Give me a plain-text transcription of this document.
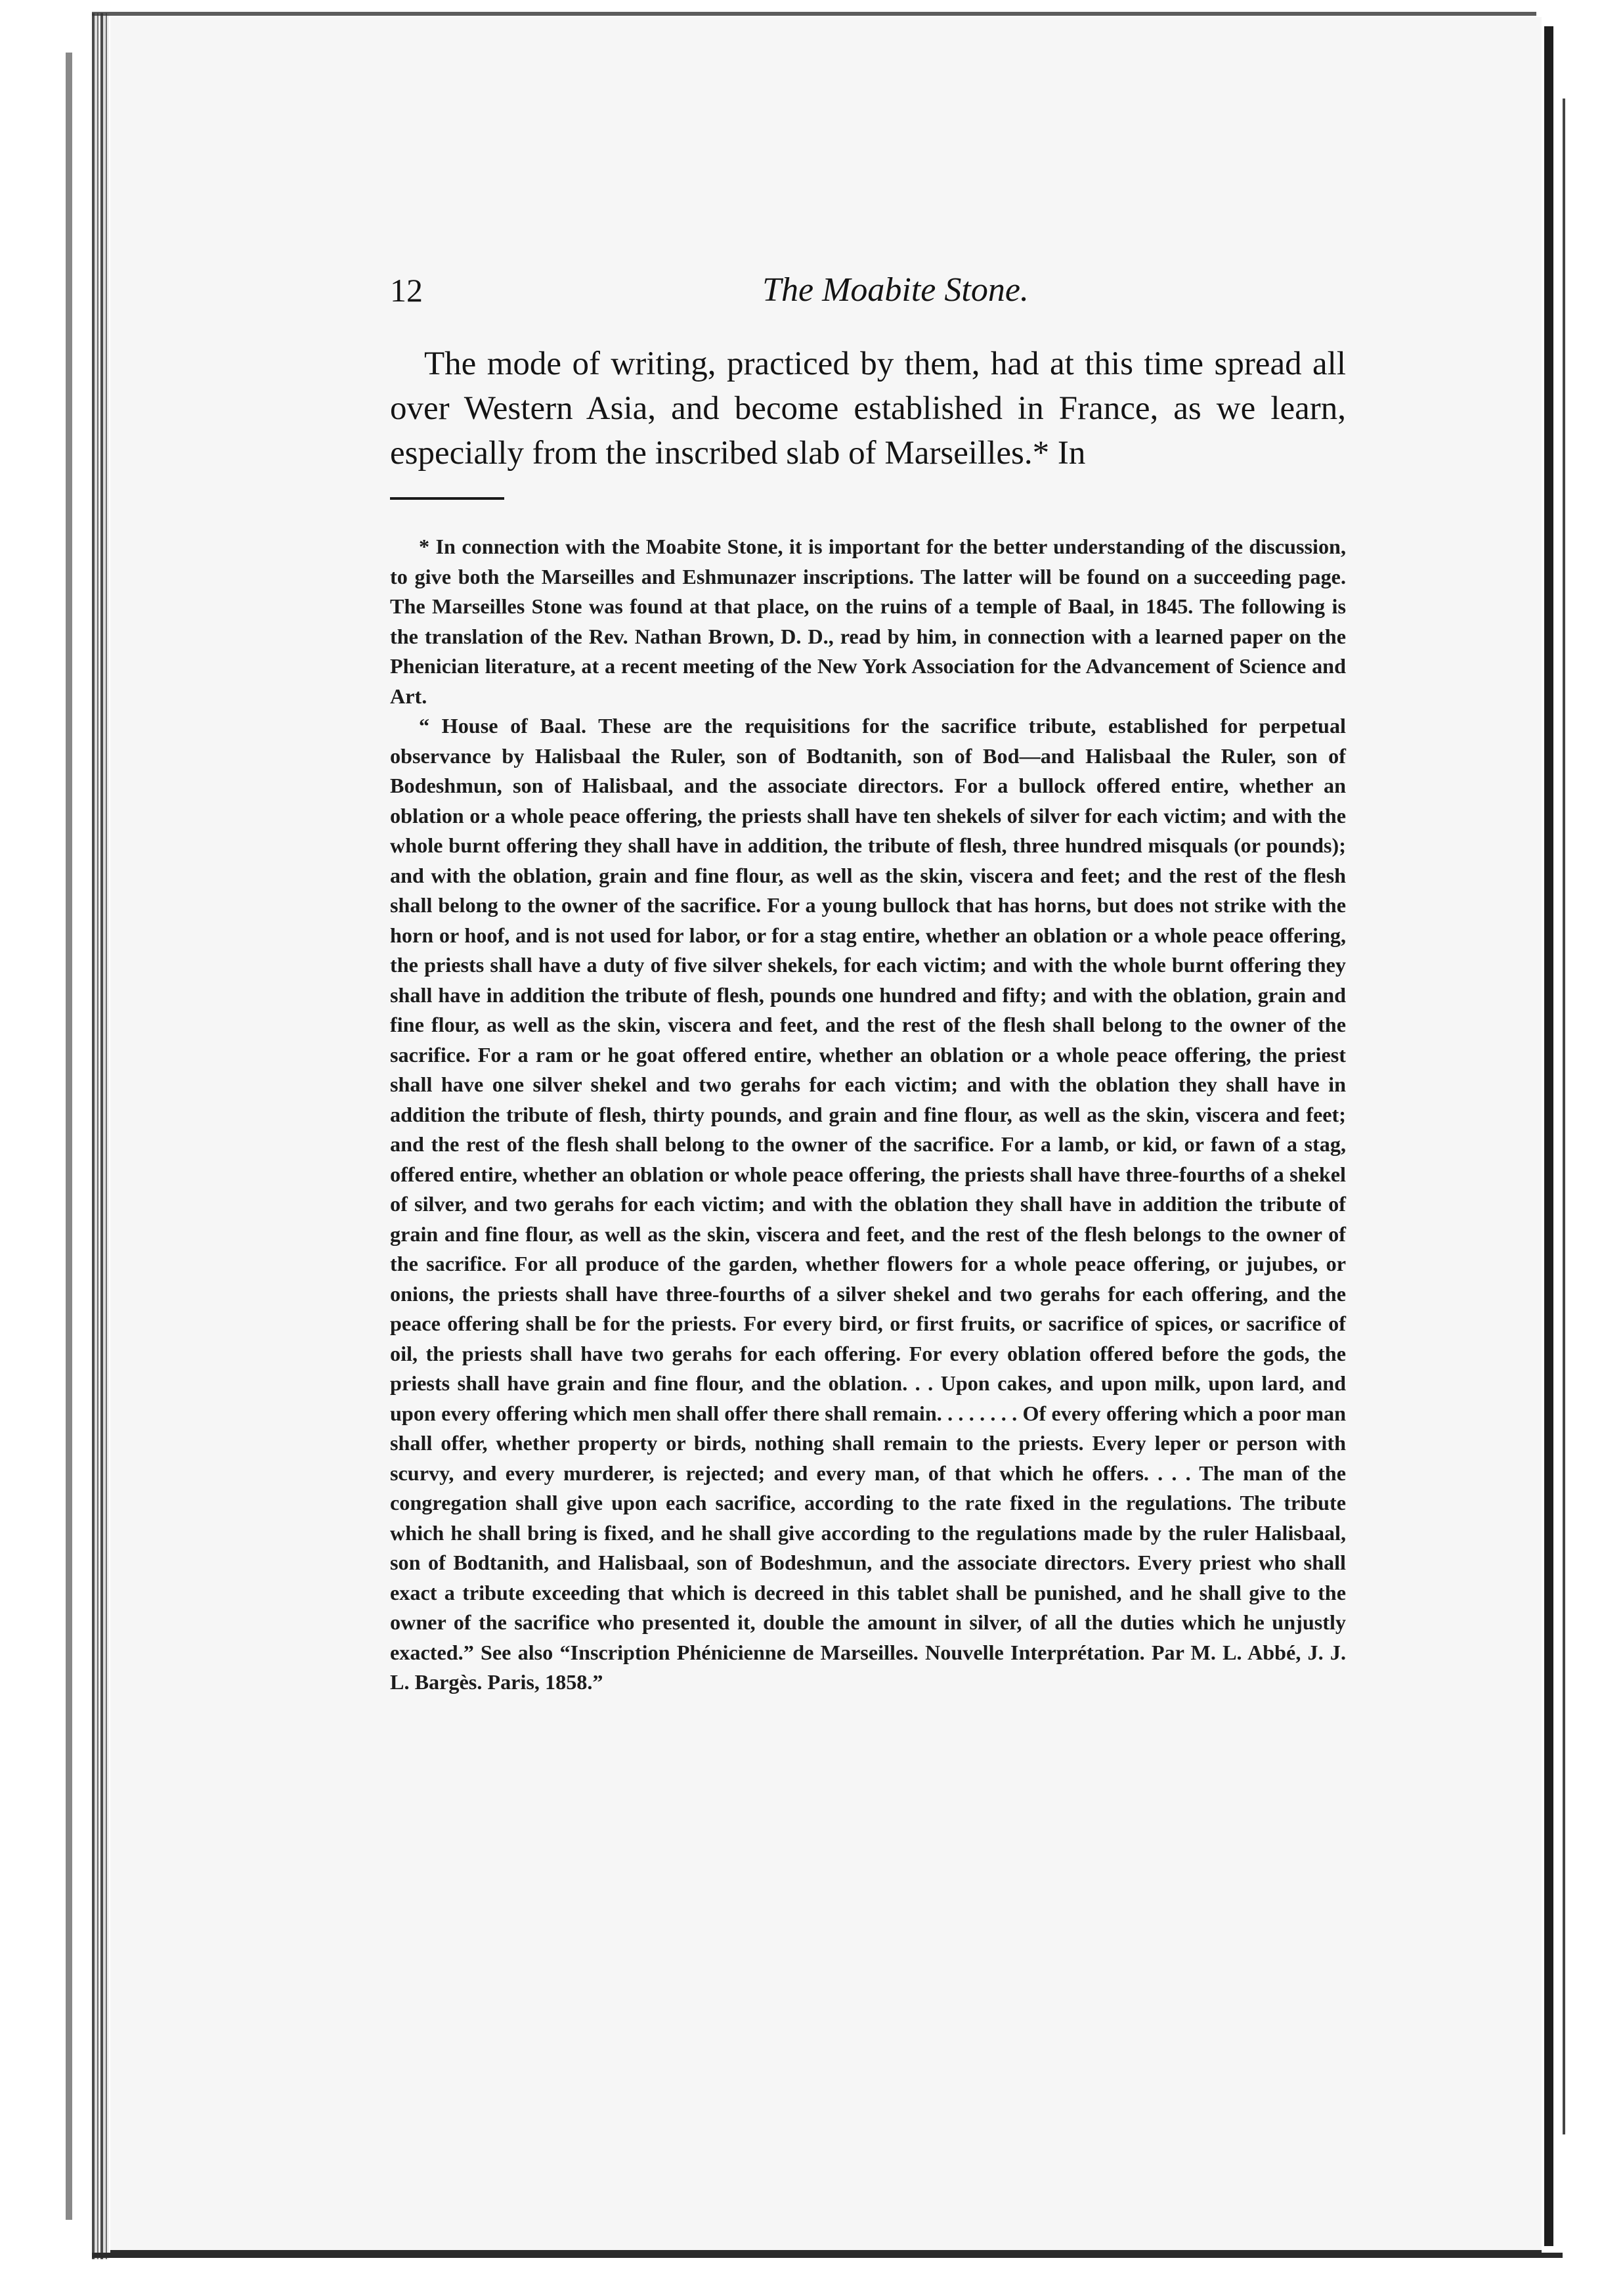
12	The Moabite Stone.

The mode of writing, practiced by them, had at this time spread all over Western Asia, and become established in France, as we learn, especially from the inscribed slab of Marseilles.* In

* In connection with the Moabite Stone, it is important for the better understanding of the discussion, to give both the Marseilles and Eshmunazer inscriptions. The latter will be found on a succeeding page. The Marseilles Stone was found at that place, on the ruins of a temple of Baal, in 1845. The following is the translation of the Rev. Nathan Brown, D. D., read by him, in connection with a learned paper on the Phenician literature, at a recent meeting of the New York Association for the Advancement of Science and Art.

“ House of Baal. These are the requisitions for the sacrifice tribute, established for perpetual observance by Halisbaal the Ruler, son of Bodtanith, son of Bod—and Halisbaal the Ruler, son of Bodeshmun, son of Halisbaal, and the associate directors. For a bullock offered entire, whether an oblation or a whole peace offering, the priests shall have ten shekels of silver for each victim; and with the whole burnt offering they shall have in addition, the tribute of flesh, three hundred misquals (or pounds); and with the oblation, grain and fine flour, as well as the skin, viscera and feet; and the rest of the flesh shall belong to the owner of the sacrifice. For a young bullock that has horns, but does not strike with the horn or hoof, and is not used for labor, or for a stag entire, whether an oblation or a whole peace offering, the priests shall have a duty of five silver shekels, for each victim; and with the whole burnt offering they shall have in addition the tribute of flesh, pounds one hundred and fifty; and with the oblation, grain and fine flour, as well as the skin, viscera and feet, and the rest of the flesh shall belong to the owner of the sacrifice. For a ram or he goat offered entire, whether an oblation or a whole peace offering, the priest shall have one silver shekel and two gerahs for each victim; and with the oblation they shall have in addition the tribute of flesh, thirty pounds, and grain and fine flour, as well as the skin, viscera and feet; and the rest of the flesh shall belong to the owner of the sacrifice. For a lamb, or kid, or fawn of a stag, offered entire, whether an oblation or whole peace offering, the priests shall have three-fourths of a shekel of silver, and two gerahs for each victim; and with the oblation they shall have in addition the tribute of grain and fine flour, as well as the skin, viscera and feet, and the rest of the flesh belongs to the owner of the sacrifice. For all produce of the garden, whether flowers for a whole peace offering, or jujubes, or onions, the priests shall have three-fourths of a silver shekel and two gerahs for each offering, and the peace offering shall be for the priests. For every bird, or first fruits, or sacrifice of spices, or sacrifice of oil, the priests shall have two gerahs for each offering. For every oblation offered before the gods, the priests shall have grain and fine flour, and the oblation. . . Upon cakes, and upon milk, upon lard, and upon every offering which men shall offer there shall remain. . . . . . . . Of every offering which a poor man shall offer, whether property or birds, nothing shall remain to the priests. Every leper or person with scurvy, and every murderer, is rejected; and every man, of that which he offers. . . . The man of the congregation shall give upon each sacrifice, according to the rate fixed in the regulations. The tribute which he shall bring is fixed, and he shall give according to the regulations made by the ruler Halisbaal, son of Bodtanith, and Halisbaal, son of Bodeshmun, and the associate directors. Every priest who shall exact a tribute exceeding that which is decreed in this tablet shall be punished, and he shall give to the owner of the sacrifice who presented it, double the amount in silver, of all the duties which he unjustly exacted.” See also “Inscription Phénicienne de Marseilles. Nouvelle Interprétation. Par M. L. Abbé, J. J. L. Bargès. Paris, 1858.”
